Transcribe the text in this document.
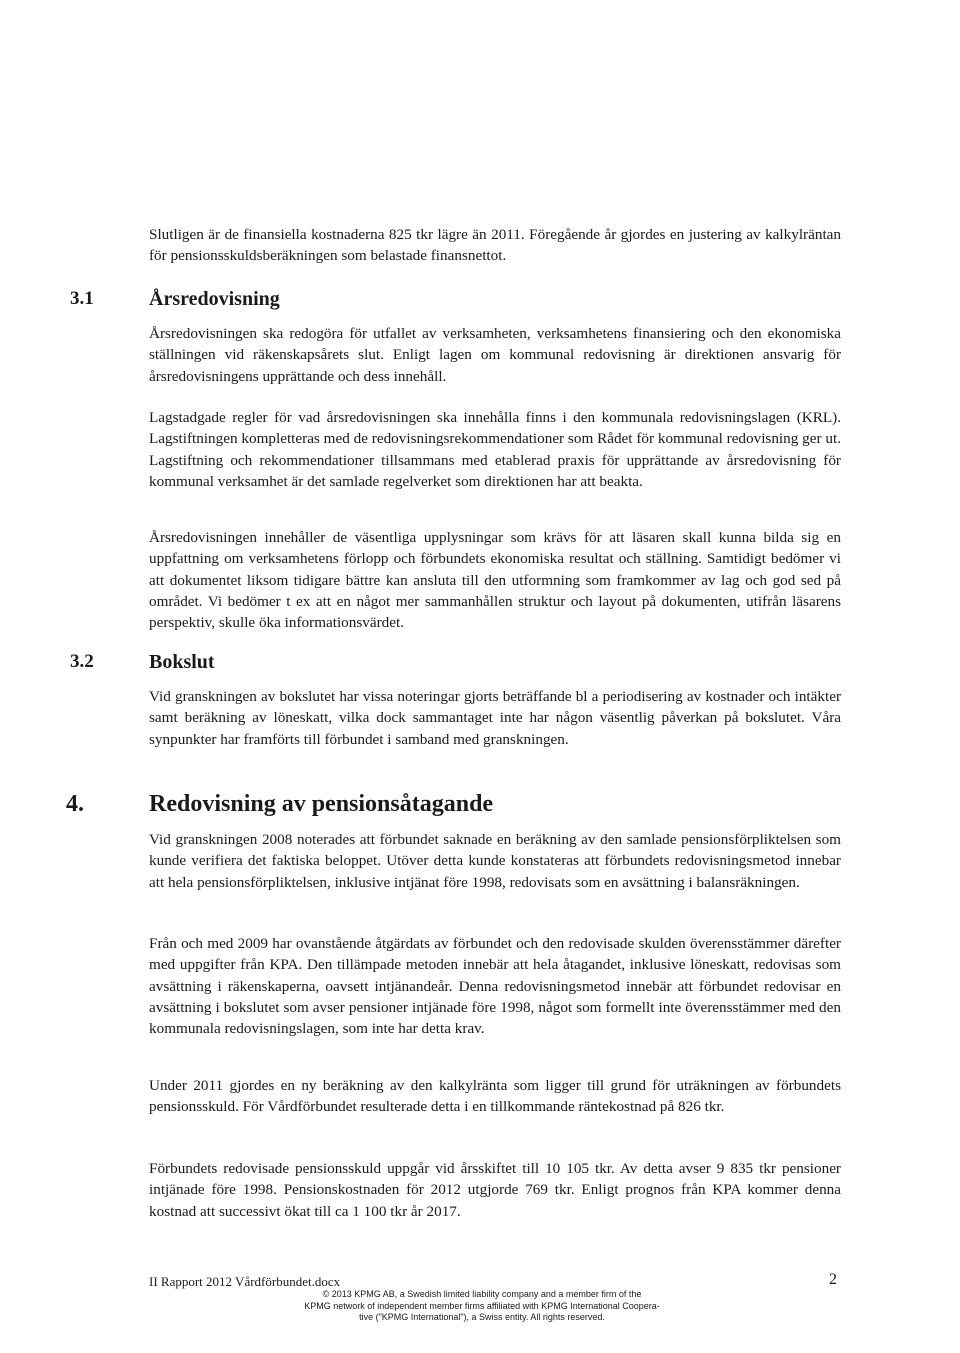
Slutligen är de finansiella kostnaderna 825 tkr lägre än 2011. Föregående år gjordes en justering av kalkylräntan för pensionsskuldsberäkningen som belastade finansnettot.

3.1	Årsredovisning

Årsredovisningen ska redogöra för utfallet av verksamheten, verksamhetens finansiering och den ekonomiska ställningen vid räkenskapsårets slut. Enligt lagen om kommunal redovisning är direktionen ansvarig för årsredovisningens upprättande och dess innehåll.

Lagstadgade regler för vad årsredovisningen ska innehålla finns i den kommunala redovisningslagen (KRL). Lagstiftningen kompletteras med de redovisningsrekommendationer som Rådet för kommunal redovisning ger ut. Lagstiftning och rekommendationer tillsammans med etablerad praxis för upprättande av årsredovisning för kommunal verksamhet är det samlade regelverket som direktionen har att beakta.

Årsredovisningen innehåller de väsentliga upplysningar som krävs för att läsaren skall kunna bilda sig en uppfattning om verksamhetens förlopp och förbundets ekonomiska resultat och ställning. Samtidigt bedömer vi att dokumentet liksom tidigare bättre kan ansluta till den utformning som framkommer av lag och god sed på området. Vi bedömer t ex att en något mer sammanhållen struktur och layout på dokumenten, utifrån läsarens perspektiv, skulle öka informationsvärdet.

3.2	Bokslut

Vid granskningen av bokslutet har vissa noteringar gjorts beträffande bl a periodisering av kostnader och intäkter samt beräkning av löneskatt, vilka dock sammantaget inte har någon väsentlig påverkan på bokslutet. Våra synpunkter har framförts till förbundet i samband med granskningen.

4.	Redovisning av pensionsåtagande

Vid granskningen 2008 noterades att förbundet saknade en beräkning av den samlade pensionsförpliktelsen som kunde verifiera det faktiska beloppet. Utöver detta kunde konstateras att förbundets redovisningsmetod innebar att hela pensionsförpliktelsen, inklusive intjänat före 1998, redovisats som en avsättning i balansräkningen.

Från och med 2009 har ovanstående åtgärdats av förbundet och den redovisade skulden överensstämmer därefter med uppgifter från KPA. Den tillämpade metoden innebär att hela åtagandet, inklusive löneskatt, redovisas som avsättning i räkenskaperna, oavsett intjänandeår. Denna redovisningsmetod innebär att förbundet redovisar en avsättning i bokslutet som avser pensioner intjänade före 1998, något som formellt inte överensstämmer med den kommunala redovisningslagen, som inte har detta krav.

Under 2011 gjordes en ny beräkning av den kalkylränta som ligger till grund för uträkningen av förbundets pensionsskuld. För Vårdförbundet resulterade detta i en tillkommande räntekostnad på 826 tkr.

Förbundets redovisade pensionsskuld uppgår vid årsskiftet till 10 105 tkr. Av detta avser 9 835 tkr pensioner intjänade före 1998. Pensionskostnaden för 2012 utgjorde 769 tkr. Enligt prognos från KPA kommer denna kostnad att successivt ökat till ca 1 100 tkr år 2017.

II Rapport 2012 Vårdförbundet.docx	2

© 2013 KPMG AB, a Swedish limited liability company and a member firm of the
KPMG network of independent member firms affiliated with KPMG International Coopera-
tive ("KPMG International"), a Swiss entity. All rights reserved.
